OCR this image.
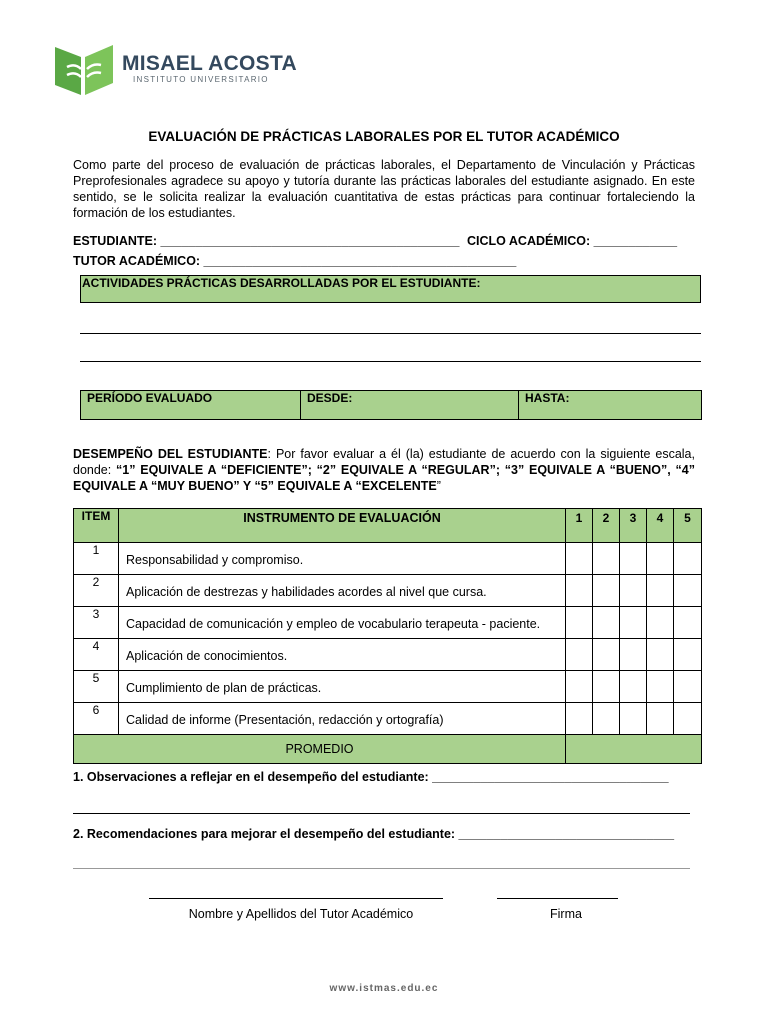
MISAEL ACOSTA
INSTITUTO UNIVERSITARIO
EVALUACIÓN DE PRÁCTICAS LABORALES POR EL TUTOR ACADÉMICO
Como parte del proceso de evaluación de prácticas laborales, el Departamento de Vinculación y Prácticas Preprofesionales agradece su apoyo y tutoría durante las prácticas laborales del estudiante asignado. En este sentido, se le solicita realizar la evaluación cuantitativa de estas prácticas para continuar fortaleciendo la formación de los estudiantes.
ESTUDIANTE: ___________________________________________ CICLO ACADÉMICO: ____________
TUTOR ACADÉMICO: _____________________________________________
ACTIVIDADES PRÁCTICAS DESARROLLADAS POR EL ESTUDIANTE:
PERÍODO EVALUADO	DESDE:	HASTA:
DESEMPEÑO DEL ESTUDIANTE: Por favor evaluar a él (la) estudiante de acuerdo con la siguiente escala, donde: “1” EQUIVALE A “DEFICIENTE”; “2” EQUIVALE A “REGULAR”; “3” EQUIVALE A “BUENO”, “4” EQUIVALE A “MUY BUENO” Y “5” EQUIVALE A “EXCELENTE”
ITEM	INSTRUMENTO DE EVALUACIÓN	1	2	3	4	5
1	Responsabilidad y compromiso.					
2	Aplicación de destrezas y habilidades acordes al nivel que cursa.					
3	Capacidad de comunicación y empleo de vocabulario terapeuta - paciente.					
4	Aplicación de conocimientos.					
5	Cumplimiento de plan de prácticas.					
6	Calidad de informe (Presentación, redacción y ortografía)					
PROMEDIO						
1. Observaciones a reflejar en el desempeño del estudiante: __________________________________
2. Recomendaciones para mejorar el desempeño del estudiante: _______________________________
Nombre y Apellidos del Tutor Académico	Firma
www.istmas.edu.ec
